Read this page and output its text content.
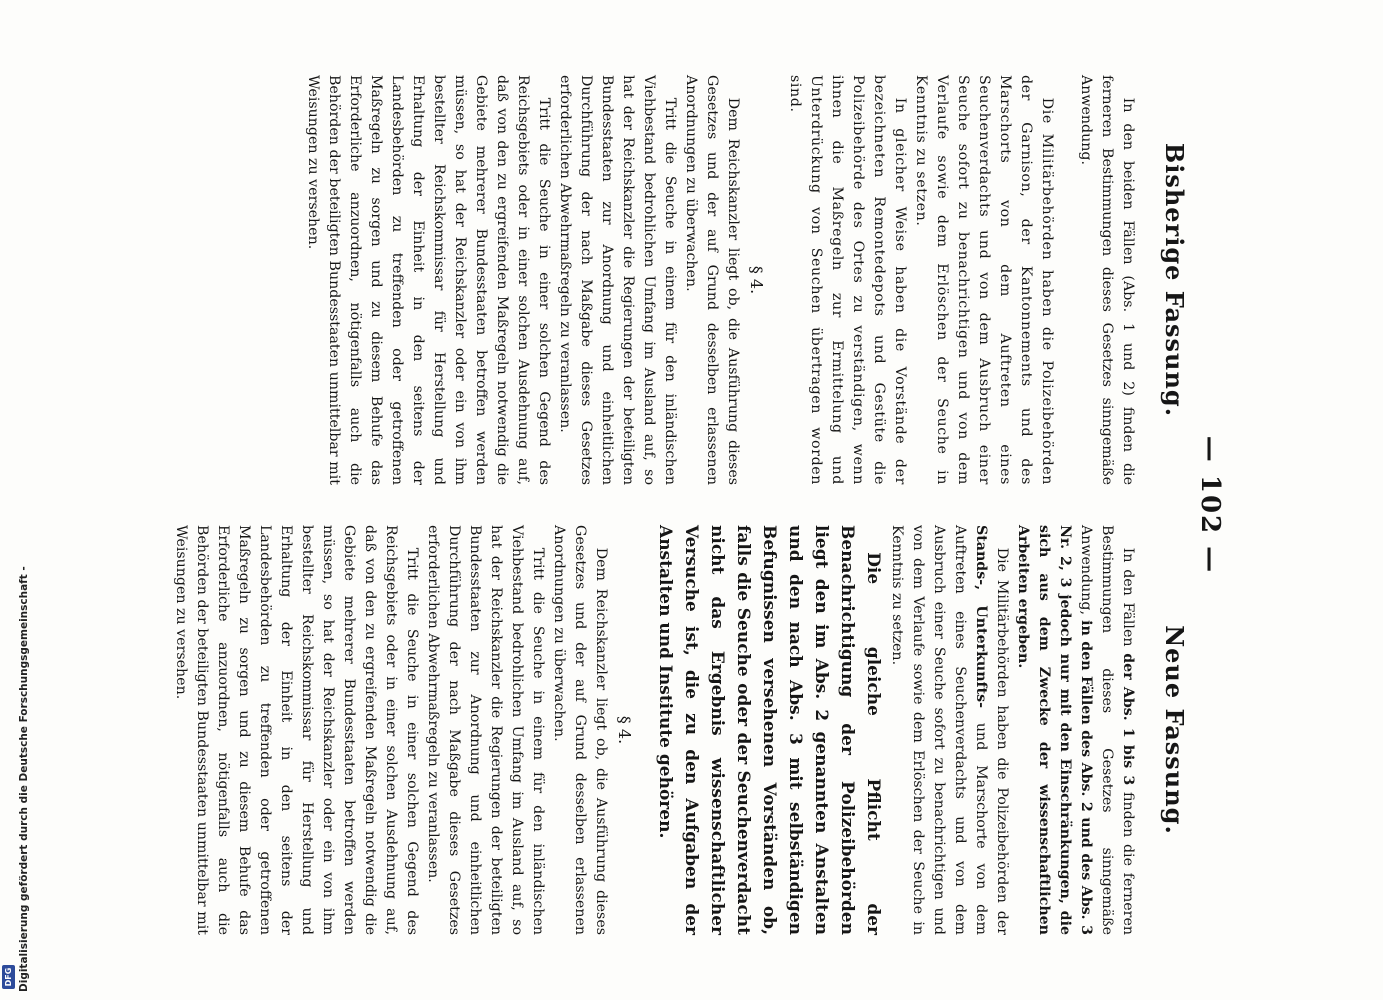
— 102 —
Bisherige Fassung.

In den beiden Fällen (Abs. 1 und 2) finden die ferneren Bestimmungen dieses Gesetzes sinngemäße Anwendung.

Die Militärbehörden haben die Polizeibehörden der Garnison, der Kantonnements und des Marschorts von dem Auftreten eines Seuchenverdachts und von dem Ausbruch einer Seuche sofort zu benachrichtigen und von dem Verlaufe sowie dem Erlöschen der Seuche in Kenntnis zu setzen.

In gleicher Weise haben die Vorstände der bezeichneten Remontedepots und Gestüte die Polizeibehörde des Ortes zu verständigen, wenn ihnen die Maßregeln zur Ermittelung und Unterdrückung von Seuchen übertragen worden sind.

§ 4.

Dem Reichskanzler liegt ob, die Ausführung dieses Gesetzes und der auf Grund desselben erlassenen Anordnungen zu überwachen.

Tritt die Seuche in einem für den inländischen Viehbestand bedrohlichen Umfang im Ausland auf, so hat der Reichskanzler die Regierungen der beteiligten Bundesstaaten zur Anordnung und einheitlichen Durchführung der nach Maßgabe dieses Gesetzes erforderlichen Abwehrmaßregeln zu veranlassen.

Tritt die Seuche in einer solchen Gegend des Reichsgebiets oder in einer solchen Ausdehnung auf, daß von den zu ergreifenden Maßregeln notwendig die Gebiete mehrerer Bundesstaaten betroffen werden müssen, so hat der Reichskanzler oder ein von ihm bestellter Reichskommissar für Herstellung und Erhaltung der Einheit in den seitens der Landesbehörden zu treffenden oder getroffenen Maßregeln zu sorgen und zu diesem Behufe das Erforderliche anzuordnen, nötigenfalls auch die Behörden der beteiligten Bundesstaaten unmittelbar mit Weisungen zu versehen.

Neue Fassung.

In den Fällen der Abs. 1 bis 3 finden die ferneren Bestimmungen dieses Gesetzes sinngemäße Anwendung, in den Fällen des Abs. 2 und des Abs. 3 Nr. 2, 3 jedoch nur mit den Einschränkungen, die sich aus dem Zwecke der wissenschaftlichen Arbeiten ergeben.

Die Militärbehörden haben die Polizeibehörden der Stands-, Unterkunfts- und Marschorte von dem Auftreten eines Seuchenverdachts und von dem Ausbruch einer Seuche sofort zu benachrichtigen und von dem Verlaufe sowie dem Erlöschen der Seuche in Kenntnis zu setzen.

Die gleiche Pflicht der Benachrichtigung der Polizeibehörden liegt den im Abs. 2 genannten Anstalten und den nach Abs. 3 mit selbständigen Befugnissen versehenen Vorständen ob, falls die Seuche oder der Seuchenverdacht nicht das Ergebnis wissenschaftlicher Versuche ist, die zu den Aufgaben der Anstalten und Institute gehören.

§ 4.

Dem Reichskanzler liegt ob, die Ausführung dieses Gesetzes und der auf Grund desselben erlassenen Anordnungen zu überwachen.

Tritt die Seuche in einem für den inländischen Viehbestand bedrohlichen Umfang im Ausland auf, so hat der Reichskanzler die Regierungen der beteiligten Bundesstaaten zur Anordnung und einheitlichen Durchführung der nach Maßgabe dieses Gesetzes erforderlichen Abwehrmaßregeln zu veranlassen.

Tritt die Seuche in einer solchen Gegend des Reichsgebiets oder in einer solchen Ausdehnung auf, daß von den zu ergreifenden Maßregeln notwendig die Gebiete mehrerer Bundesstaaten betroffen werden müssen, so hat der Reichskanzler oder ein von ihm bestellter Reichskommissar für Herstellung und Erhaltung der Einheit in den seitens der Landesbehörden zu treffenden oder getroffenen Maßregeln zu sorgen und zu diesem Behufe das Erforderliche anzuordnen, nötigenfalls auch die Behörden der beteiligten Bundesstaaten unmittelbar mit Weisungen zu versehen.

Digitalisierung gefördert durch die Deutsche Forschungsgemeinschaft -
DFG
